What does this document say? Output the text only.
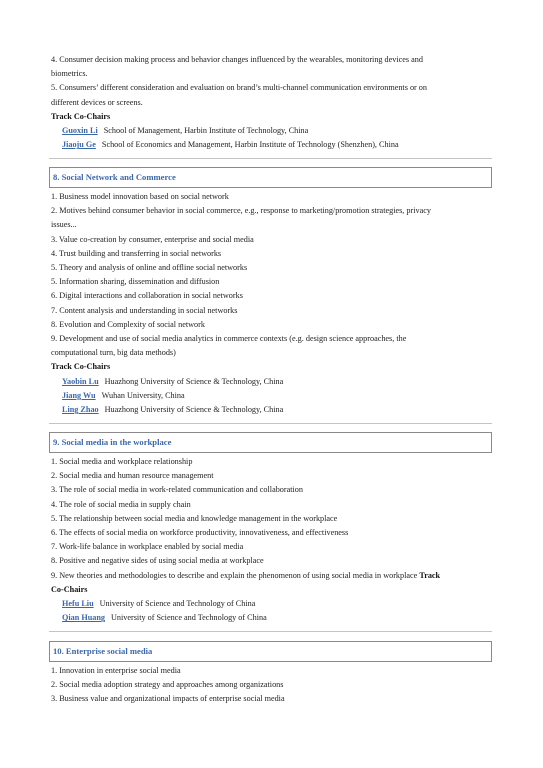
4. Consumer decision making process and behavior changes influenced by the wearables, monitoring devices and
biometrics.
5. Consumers’ different consideration and evaluation on brand’s multi-channel communication environments or on
different devices or screens.
Track Co-Chairs
Guoxin Li School of Management, Harbin Institute of Technology, China
Jiaoju Ge School of Economics and Management, Harbin Institute of Technology (Shenzhen), China
8. Social Network and Commerce
1. Business model innovation based on social network
2. Motives behind consumer behavior in social commerce, e.g., response to marketing/promotion strategies, privacy
issues...
3. Value co-creation by consumer, enterprise and social media
4. Trust building and transferring in social networks
5. Theory and analysis of online and offline social networks
5. Information sharing, dissemination and diffusion
6. Digital interactions and collaboration in social networks
7. Content analysis and understanding in social networks
8. Evolution and Complexity of social network
9. Development and use of social media analytics in commerce contexts (e.g. design science approaches, the
computational turn, big data methods)
Track Co-Chairs
Yaobin Lu Huazhong University of Science & Technology, China
Jiang Wu Wuhan University, China
Ling Zhao Huazhong University of Science & Technology, China
9. Social media in the workplace
1. Social media and workplace relationship
2. Social media and human resource management
3. The role of social media in work-related communication and collaboration
4. The role of social media in supply chain
5. The relationship between social media and knowledge management in the workplace
6. The effects of social media on workforce productivity, innovativeness, and effectiveness
7. Work-life balance in workplace enabled by social media
8. Positive and negative sides of using social media at workplace
9. New theories and methodologies to describe and explain the phenomenon of using social media in workplace Track
Co-Chairs
Hefu Liu University of Science and Technology of China
Qian Huang University of Science and Technology of China
10. Enterprise social media
1. Innovation in enterprise social media
2. Social media adoption strategy and approaches among organizations
3. Business value and organizational impacts of enterprise social media
